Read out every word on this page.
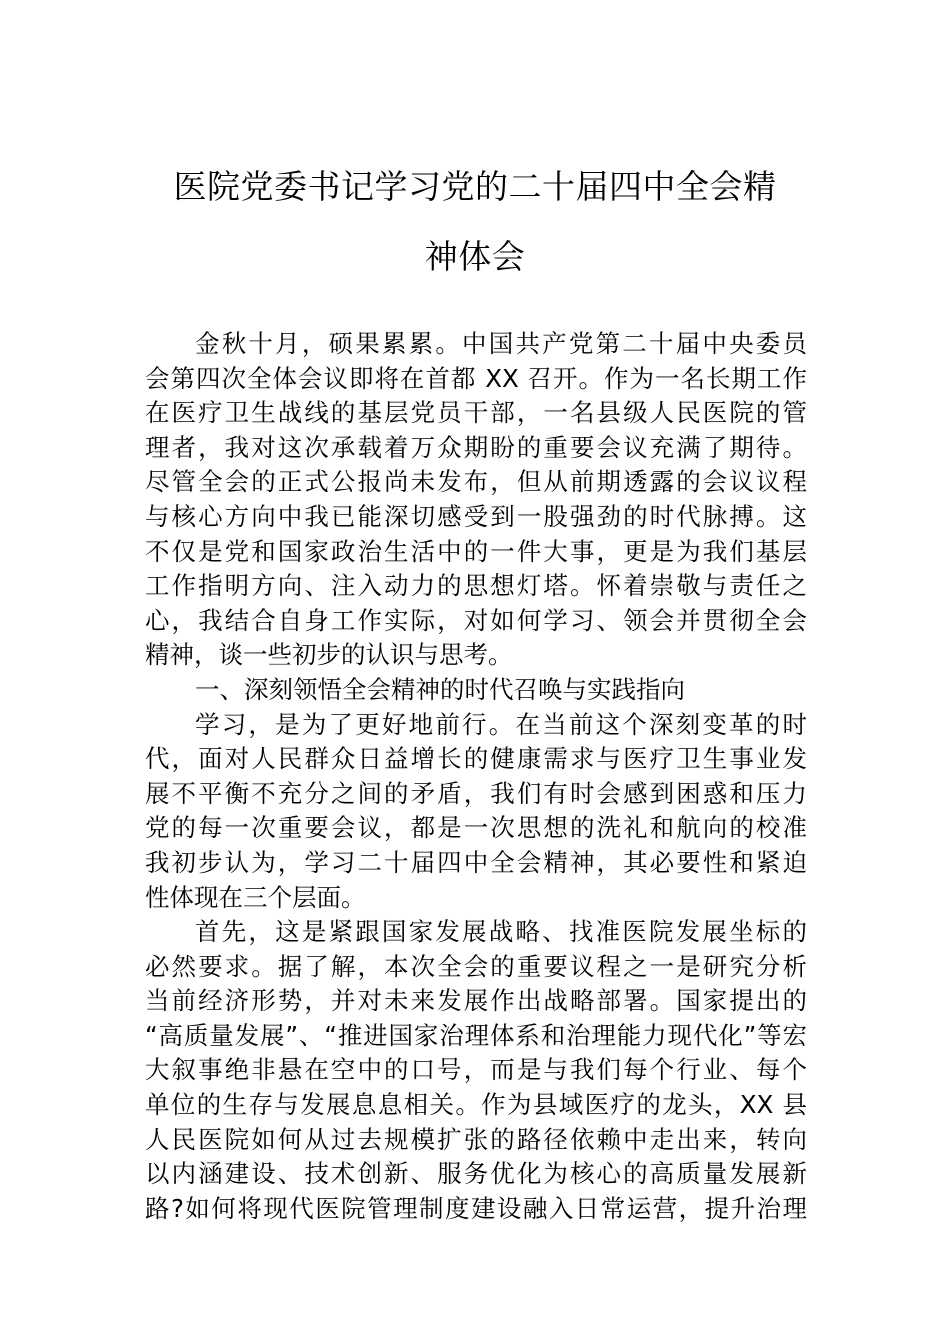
医院党委书记学习党的二十届四中全会精
神体会
金秋十月，硕果累累。中国共产党第二十届中央委员
会第四次全体会议即将在首都 XX 召开。作为一名长期工作
在医疗卫生战线的基层党员干部，一名县级人民医院的管
理者，我对这次承载着万众期盼的重要会议充满了期待。
尽管全会的正式公报尚未发布，但从前期透露的会议议程
与核心方向中我已能深切感受到一股强劲的时代脉搏。这
不仅是党和国家政治生活中的一件大事，更是为我们基层
工作指明方向、注入动力的思想灯塔。怀着崇敬与责任之
心，我结合自身工作实际，对如何学习、领会并贯彻全会
精神，谈一些初步的认识与思考。
一、深刻领悟全会精神的时代召唤与实践指向
学习，是为了更好地前行。在当前这个深刻变革的时
代，面对人民群众日益增长的健康需求与医疗卫生事业发
展不平衡不充分之间的矛盾，我们有时会感到困惑和压力
党的每一次重要会议，都是一次思想的洗礼和航向的校准
我初步认为，学习二十届四中全会精神，其必要性和紧迫
性体现在三个层面。
首先，这是紧跟国家发展战略、找准医院发展坐标的
必然要求。据了解，本次全会的重要议程之一是研究分析
当前经济形势，并对未来发展作出战略部署。国家提出的
“高质量发展”、“推进国家治理体系和治理能力现代化”等宏
大叙事绝非悬在空中的口号，而是与我们每个行业、每个
单位的生存与发展息息相关。作为县域医疗的龙头，XX 县
人民医院如何从过去规模扩张的路径依赖中走出来，转向
以内涵建设、技术创新、服务优化为核心的高质量发展新
路?如何将现代医院管理制度建设融入日常运营，提升治理
